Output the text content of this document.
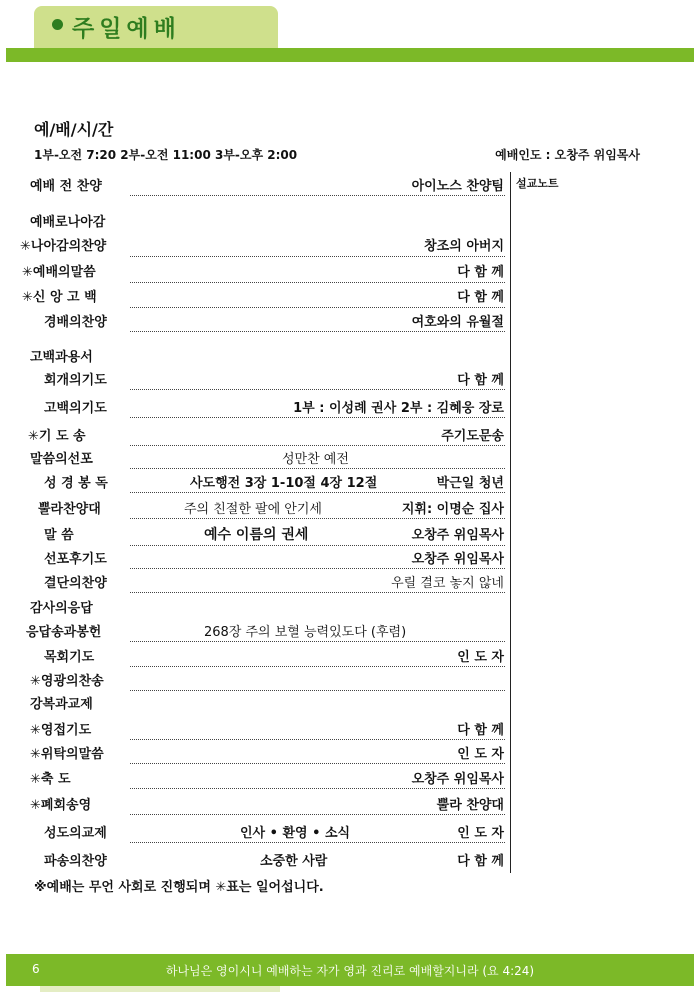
주일예배
예/배/시/간
1부-오전 7:20 2부-오전 11:00 3부-오후 2:00	예배인도 : 오창주 위임목사
설교노트
예배 전 찬양	아이노스 찬양팀
예배로나아감
✳나아감의찬양	창조의 아버지
✳예배의말씀	다 함 께
✳신 앙 고 백	다 함 께
경배의찬양	여호와의 유월절
고백과용서
회개의기도	다 함 께
고백의기도	1부 : 이성례 권사 2부 : 김혜웅 장로
✳기 도 송	주기도문송
말씀의선포	성만찬 예전
성 경 봉 독	사도행전 3장 1-10절 4장 12절	박근일 청년
뿔라찬양대	주의 친절한 팔에 안기세	지휘: 이명순 집사
말 씀	예수 이름의 권세	오창주 위임목사
선포후기도	오창주 위임목사
결단의찬양	우릴 결코 놓지 않네
감사의응답
응답송과봉헌	268장 주의 보혈 능력있도다 (후렴)
목회기도	인 도 자
✳영광의찬송
강복과교제
✳영접기도	다 함 께
✳위탁의말씀	인 도 자
✳축 도	오창주 위임목사
✳폐회송영	뿔라 찬양대
성도의교제	인사 • 환영 • 소식	인 도 자
파송의찬양	소중한 사람	다 함 께
※예배는 무언 사회로 진행되며 ✳표는 일어섭니다.
6	하나님은 영이시니 예배하는 자가 영과 진리로 예배할지니라 (요 4:24)
